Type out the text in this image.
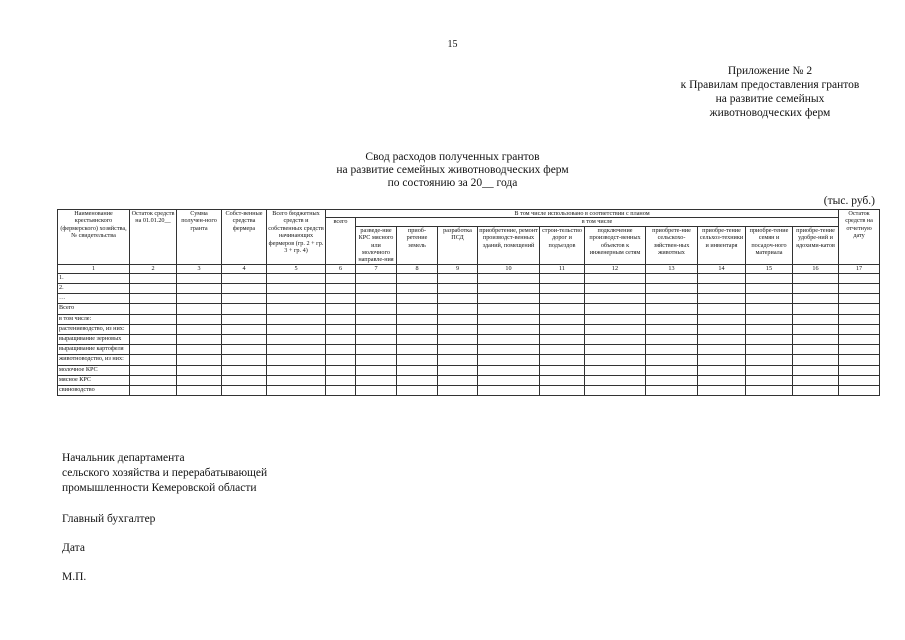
15
Приложение № 2
к Правилам предоставления грантов
на развитие семейных
животноводческих ферм
Свод расходов полученных грантов
на развитие семейных животноводческих ферм
по состоянию за 20__ года
(тыс. руб.)
Наименование крестьянского (фермерского) хозяйства, № свидетельства	Остаток средств на 01.01.20__	Сумма получен-ного гранта	Собст-венные средства фермера	Всего бюджетных средств и собственных средств начинающих фермеров (гр. 2 + гр. 3 + гр. 4)	В том числе использовано в соответствии с планом											Остаток средств на отчетную дату
					всего	в том числе										
						разведе-ние КРС мясного или молочного направле-ния	приоб-ретение земель	разработка ПСД	приобретение, ремонт производст-венных зданий, помещений	строи-тельство дорог и подъездов	подключение производст-венных объектов к инженерным сетям	приобрете-ние сельскохо-зяйствен-ных животных	приобре-тение сельхоз-техники и инвентаря	приобре-тение семян и посадоч-ного материала	приобре-тение удобре-ний и ядохими-катов	
1	2	3	4	5	6	7	8	9	10	11	12	13	14	15	16	17
1.																
2.																
…																
Всего																
в том числе:																
растениеводство, из них:																
выращивание зерновых																
выращивание картофеля																
животноводство, из них:																
молочное КРС																
мясное КРС																
свиноводство																
Начальник департамента
сельского хозяйства и перерабатывающей
промышленности Кемеровской области
Главный бухгалтер
Дата
М.П.
